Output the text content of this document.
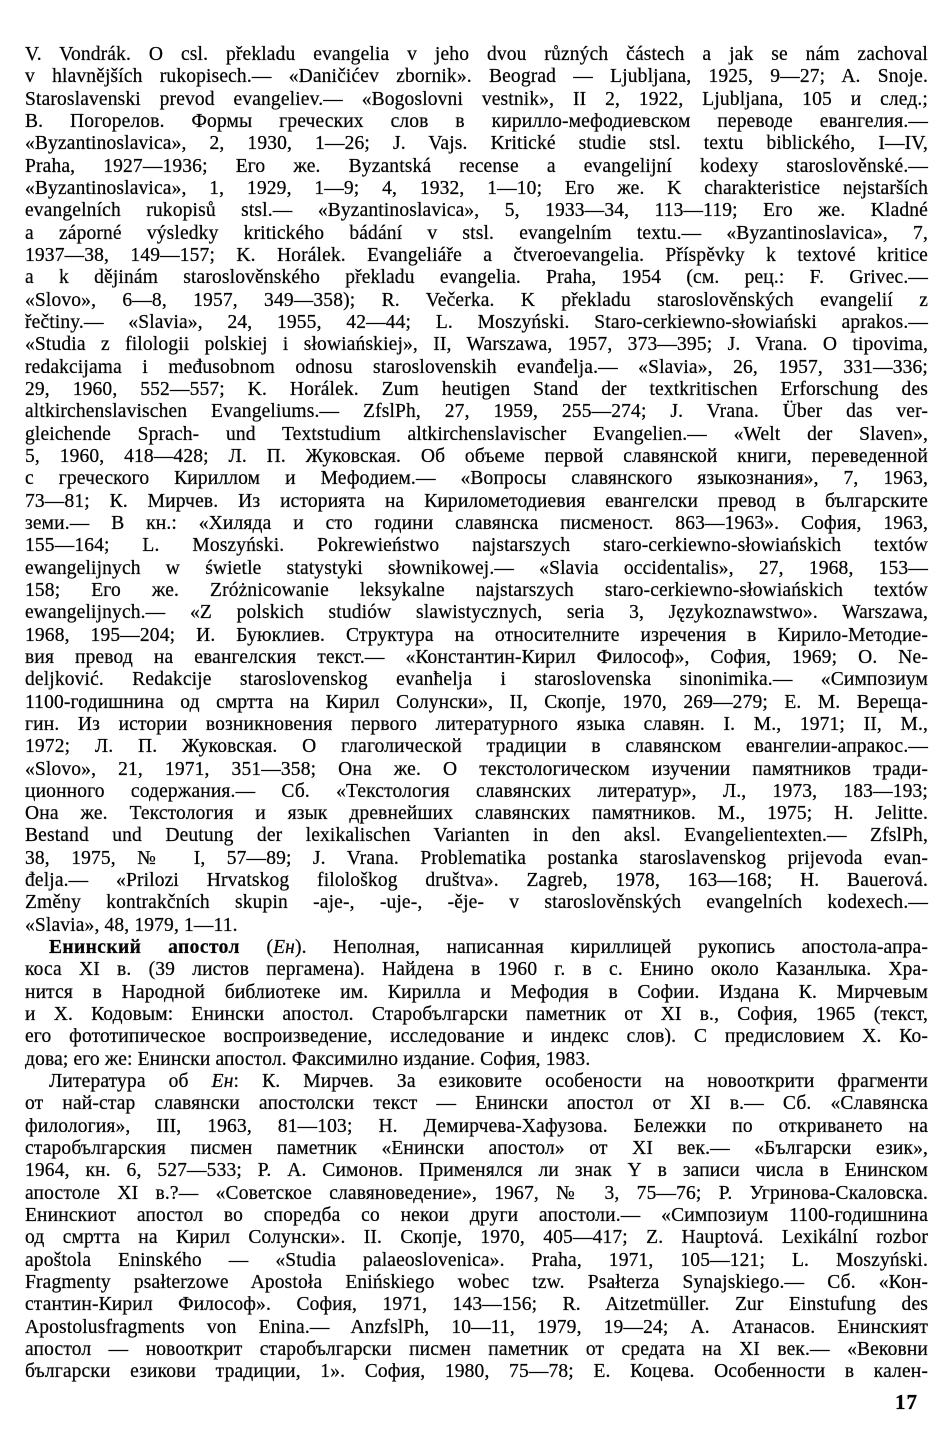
V. Vondrák. O csl. překladu evangelia v jeho dvou různých částech a jak se nám zachoval
v hlavnějších rukopisech.— «Daničićev zbornik». Beograd — Ljubljana, 1925, 9—27; A. Snoje.
Staroslavenski prevod evangeliev.— «Bogoslovni vestnik», II 2, 1922, Ljubljana, 105 и след.;
В. Погорелов. Формы греческих слов в кирилло-мефодиевском переводе евангелия.—
«Byzantinoslavica», 2, 1930, 1—26; J. Vajs. Kritické studie stsl. textu biblického, I—IV,
Praha, 1927—1936; Его же. Byzantská recense a evangelijní kodexy staroslověnské.—
«Byzantinoslavica», 1, 1929, 1—9; 4, 1932, 1—10; Его же. K charakteristice nejstarších
evangelních rukopisů stsl.— «Byzantinoslavica», 5, 1933—34, 113—119; Его же. Kladné
a záporné výsledky kritického bádání v stsl. evangelním textu.— «Byzantinoslavica», 7,
1937—38, 149—157; K. Horálek. Evangeliáře a čtveroevangelia. Příspěvky k textové kritice
a k dějinám staroslověnského překladu evangelia. Praha, 1954 (см. рец.: F. Grivec.—
«Slovo», 6—8, 1957, 349—358); R. Večerka. K překladu staroslověnských evangelií z
řečtiny.— «Slavia», 24, 1955, 42—44; L. Moszyński. Staro-cerkiewno-słowiański aprakos.—
«Studia z filologii polskiej i słowiańskiej», II, Warszawa, 1957, 373—395; J. Vrana. O tipovima,
redakcijama i međusobnom odnosu staroslovenskih evanđelja.— «Slavia», 26, 1957, 331—336;
29, 1960, 552—557; K. Horálek. Zum heutigen Stand der textkritischen Erforschung des
altkirchenslavischen Evangeliums.— ZfslPh, 27, 1959, 255—274; J. Vrana. Über das ver-
gleichende Sprach- und Textstudium altkirchenslavischer Evangelien.— «Welt der Slaven»,
5, 1960, 418—428; Л. П. Жуковская. Об объеме первой славянской книги, переведенной
с греческого Кириллом и Мефодием.— «Вопросы славянского языкознания», 7, 1963,
73—81; К. Мирчев. Из историята на Кирилометодиевия евангелски превод в българските
земи.— В кн.: «Хиляда и сто години славянска писменост. 863—1963». София, 1963,
155—164; L. Moszyński. Pokrewieństwo najstarszych staro-cerkiewno-słowiańskich textów
ewangelijnych w świetle statystyki słownikowej.— «Slavia occidentalis», 27, 1968, 153—
158; Его же. Zróżnicowanie leksykalne najstarszych staro-cerkiewno-słowiańskich textów
ewangelijnych.— «Z polskich studiów slawistycznych, seria 3, Językoznawstwo». Warszawa,
1968, 195—204; И. Буюклиев. Структура на относителните изречения в Кирило-Методие-
вия превод на евангелския текст.— «Константин-Кирил Философ», София, 1969; O. Ne-
deljković. Redakcije staroslovenskog evanħelja i staroslovenska sinonimika.— «Симпозиум
1100-годишнина од смртта на Кирил Солунски», II, Скопје, 1970, 269—279; Е. М. Вереща-
гин. Из истории возникновения первого литературного языка славян. I. М., 1971; II, М.,
1972; Л. П. Жуковская. О глаголической традиции в славянском евангелии-апракос.—
«Slovo», 21, 1971, 351—358; Она же. О текстологическом изучении памятников тради-
ционного содержания.— Сб. «Текстология славянских литератур», Л., 1973, 183—193;
Она же. Текстология и язык древнейших славянских памятников. М., 1975; H. Jelitte.
Bestand und Deutung der lexikalischen Varianten in den aksl. Evangelientexten.— ZfslPh,
38, 1975, № I, 57—89; J. Vrana. Problematika postanka staroslavenskog prijevoda evan-
đelja.— «Prilozi Hrvatskog filološkog društva». Zagreb, 1978, 163—168; H. Bauerová.
Změny kontrakčních skupin -aje-, -uje-, -ěje- v staroslověnských evangelních kodexech.—
«Slavia», 48, 1979, 1—11.
Енинский апостол (Ен). Неполная, написанная кириллицей рукопись апостола-апра-
коса XI в. (39 листов пергамена). Найдена в 1960 г. в с. Енино около Казанлыка. Хра-
нится в Народной библиотеке им. Кирилла и Мефодия в Софии. Издана К. Мирчевым
и Х. Кодовым: Енински апостол. Старобългарски паметник от XI в., София, 1965 (текст,
его фототипическое воспроизведение, исследование и индекс слов). С предисловием Х. Ко-
дова; его же: Енински апостол. Факсимилно издание. София, 1983.
Литература об Ен: К. Мирчев. За езиковите особености на новооткрити фрагменти
от най-стар славянски апостолски текст — Енински апостол от XI в.— Сб. «Славянска
филология», III, 1963, 81—103; Н. Демирчева-Хафузова. Бележки по откриването на
старобългарския писмен паметник «Енински апостол» от XI век.— «Български език»,
1964, кн. 6, 527—533; Р. А. Симонов. Применялся ли знак Ү в записи числа в Енинском
апостоле XI в.?— «Советское славяноведение», 1967, № 3, 75—76; Р. Угринова-Скаловска.
Енинскиот апостол во споредба со некои други апостоли.— «Симпозиум 1100-годишнина
од смртта на Кирил Солунски». II. Скопје, 1970, 405—417; Z. Hauptová. Lexikální rozbor
apoštola Eninského — «Studia palaeoslovenica». Praha, 1971, 105—121; L. Moszyński.
Fragmenty psałterzowe Apostoła Enińskiego wobec tzw. Psałterza Synajskiego.— Сб. «Кон-
стантин-Кирил Философ». София, 1971, 143—156; R. Aitzetmüller. Zur Einstufung des
Apostolusfragments von Enina.— AnzfslPh, 10—11, 1979, 19—24; А. Атанасов. Енинският
апостол — новооткрит старобългарски писмен паметник от средата на XI век.— «Вековни
български езикови традиции, 1». София, 1980, 75—78; Е. Коцева. Особенности в кален-
17
